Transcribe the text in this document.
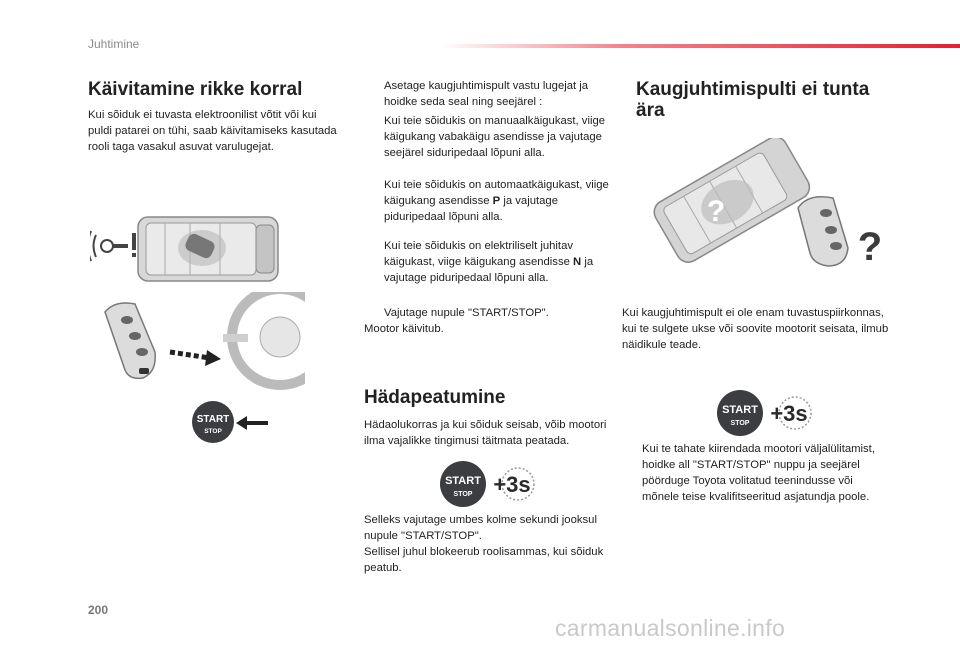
Juhtimine
Käivitamine rikke korral

Kui sõiduk ei tuvasta elektroonilist võtit või kui puldi patarei on tühi, saab käivitamiseks kasutada rooli taga vasakul asuvat varulugejat.

START
STOP
Asetage kaugjuhtimispult vastu lugejat ja hoidke seda seal ning seejärel :
Kui teie sõidukis on manuaalkäigukast, viige käigukang vabakäigu asendisse ja vajutage seejärel siduripedaal lõpuni alla.
Kui teie sõidukis on automaatkäigukast, viige käigukang asendisse P ja vajutage piduripedaal lõpuni alla.
Kui teie sõidukis on elektriliselt juhitav käigukast, viige käigukang asendisse N ja vajutage piduripedaal lõpuni alla.
Vajutage nupule "START/STOP".

Mootor käivitub.

Hädapeatumine

Hädaolukorras ja kui sõiduk seisab, võib mootori ilma vajalikke tingimusi täitmata peatada.

START
STOP +3s

Selleks vajutage umbes kolme sekundi jooksul nupule "START/STOP".
Sellisel juhul blokeerub roolisammas, kui sõiduk peatub.

Kaugjuhtimispulti ei tunta ära
?
?

Kui kaugjuhtimispult ei ole enam tuvastuspiirkonnas, kui te sulgete ukse või soovite mootorit seisata, ilmub näidikule teade.

START
STOP +3s
Kui te tahate kiirendada mootori väljalülitamist, hoidke all "START/STOP" nuppu ja seejärel pöörduge Toyota volitatud teenindusse või mõnele teise kvalifitseeritud asjatundja poole.
200
carmanualsonline.info
